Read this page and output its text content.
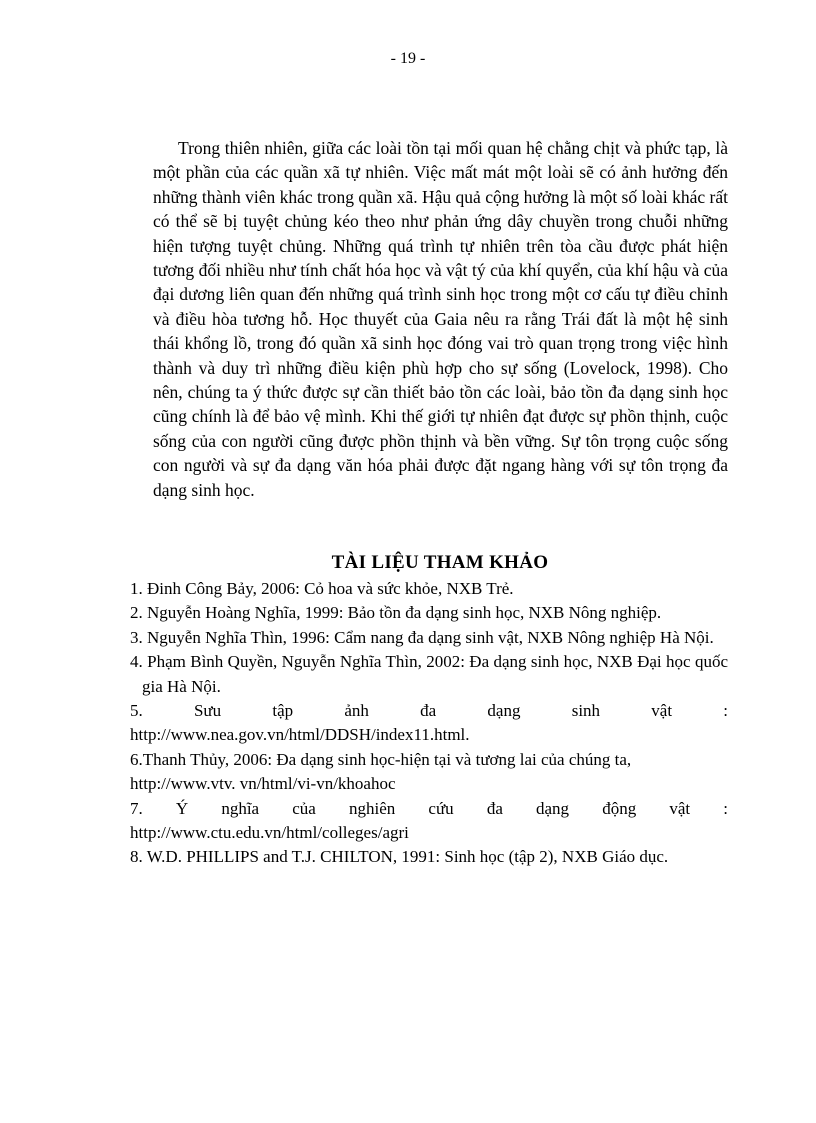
- 19 -

Trong thiên nhiên, giữa các loài tồn tại mối quan hệ chằng chịt và phức tạp, là một phần của các quần xã tự nhiên. Việc mất mát một loài sẽ có ảnh hưởng đến những thành viên khác trong quần xã. Hậu quả cộng hưởng là một số loài khác rất có thể sẽ bị tuyệt chủng kéo theo như phản ứng dây chuyền trong chuỗi những hiện tượng tuyệt chủng. Những quá trình tự nhiên trên tòa cầu được phát hiện tương đối nhiều như tính chất hóa học và vật tý của khí quyển, của khí hậu và của đại dương liên quan đến những quá trình sinh học trong một cơ cấu tự điều chỉnh và điều hòa tương hỗ. Học thuyết của Gaia nêu ra rằng Trái đất là một hệ sinh thái khổng lồ, trong đó quần xã sinh học đóng vai trò quan trọng trong việc hình thành và duy trì những điều kiện phù hợp cho sự sống (Lovelock, 1998). Cho nên, chúng ta ý thức được sự cần thiết bảo tồn các loài, bảo tồn đa dạng sinh học cũng chính là để bảo vệ mình. Khi thế giới tự nhiên đạt được sự phồn thịnh, cuộc sống của con người cũng được phồn thịnh và bền vững. Sự tôn trọng cuộc sống con người và sự đa dạng văn hóa phải được đặt ngang hàng với sự tôn trọng đa dạng sinh học.

TÀI LIỆU THAM KHẢO

1. Đinh Công Bảy, 2006: Cỏ hoa và sức khỏe, NXB Trẻ.

2. Nguyễn Hoàng Nghĩa, 1999: Bảo tồn đa dạng sinh học, NXB Nông nghiệp.

3. Nguyễn Nghĩa Thìn, 1996: Cẩm nang đa dạng sinh vật, NXB Nông nghiệp Hà Nội.

4. Phạm Bình Quyền, Nguyễn Nghĩa Thìn, 2002: Đa dạng sinh học, NXB Đại học quốc gia Hà Nội.

5. Sưu tập ảnh đa dạng sinh vật :
http://www.nea.gov.vn/html/DDSH/index11.html.

6.Thanh Thủy, 2006: Đa dạng sinh học-hiện tại và tương lai của chúng ta,
http://www.vtv. vn/html/vi-vn/khoahoc

7. Ý nghĩa của nghiên cứu đa dạng động vật :
http://www.ctu.edu.vn/html/colleges/agri

8. W.D. PHILLIPS and T.J. CHILTON, 1991: Sinh học (tập 2), NXB Giáo dục.
